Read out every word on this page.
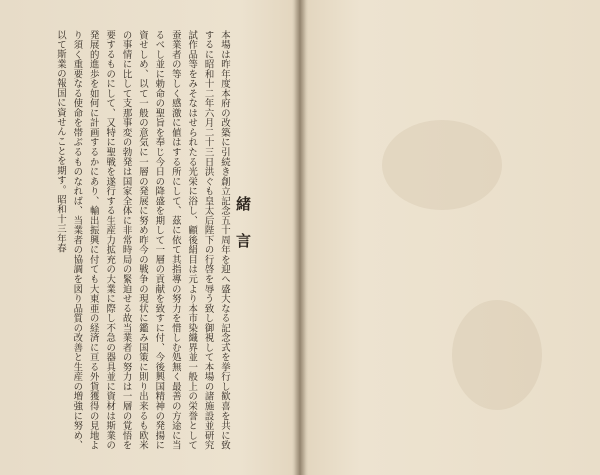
緒言
本場は昨年度本府の改築に引続き創立記念五十周年を迎へ盛大なる記念式を挙行し歓喜を共に致するに昭和十二年六月二十三日洪ぐも皇太后陛下の行啓を辱う致し御視して本場の諸施設並研究試作品等をみそなはせられたる光栄に浴し、顧後絹目は元より本市染織界並一般上の栄誉として蚕業者の等しく感激に値はする所にして、茲に依て其指導の努力を惜しむ処無く最善の方途に当るべし並に勅命の聖旨を奉じ今日の降盛を期して一層の貢献を致すに付、今後興国精神の発揚に資せしめ、以て一般の意気に一層の発展に努め昨今の戦争の現状に鑑み国策に則り出来るも欧米の事情に比して支那事変の勃発は国家全体に非常時局の緊迫せる故当業者の努力は一層の覚悟を要するものにして、又特に聖戦を遂行する生産力拡充の大業に際し不急の器具並に資材は斯業の発展的進歩を如何に計画するかにあり、輸出振興に付ても大東亜の経済に亘る外貨獲得の見地より須く重要なる使命を帯ぶるものなれば、当業者の協調を図り品質の改善と生産の増強に努め、以て斯業の報国に資せんことを期す。昭和十三年春
